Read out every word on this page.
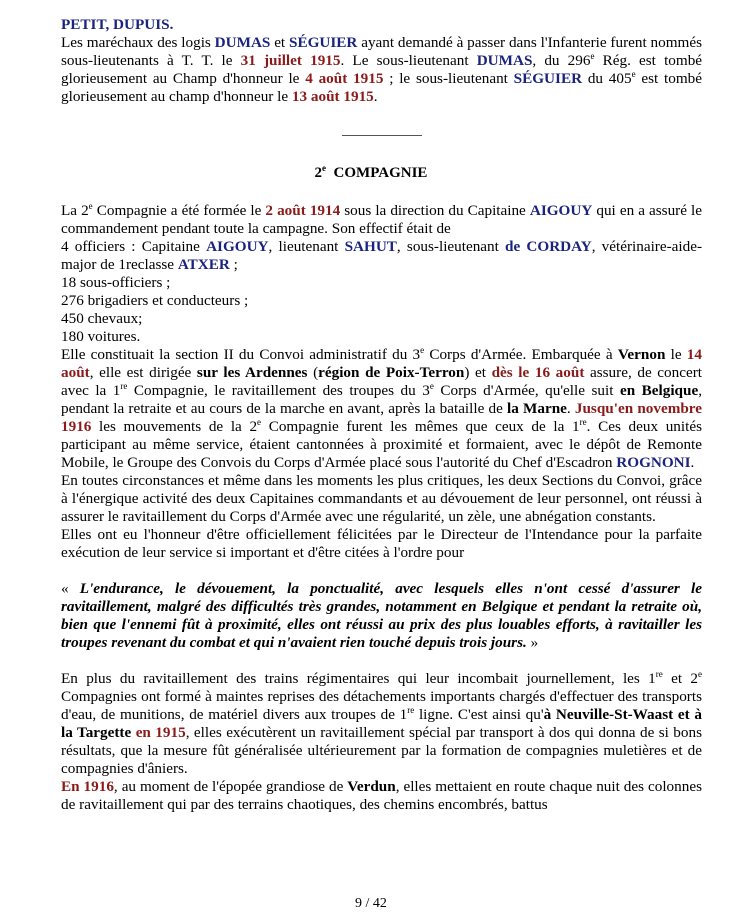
PETIT, DUPUIS.

Les maréchaux des logis DUMAS et SÉGUIER ayant demandé à passer dans l'Infanterie furent nommés sous-lieutenants à T. T. le 31 juillet 1915. Le sous-lieutenant DUMAS, du 296e Rég. est tombé glorieusement au Champ d'honneur le 4 août 1915 ; le sous-lieutenant SÉGUIER du 405e est tombé glorieusement au champ d'honneur le 13 août 1915.

2e  COMPAGNIE

La 2e Compagnie a été formée le 2 août 1914 sous la direction du Capitaine AIGOUY qui en a assuré le commandement pendant toute la campagne. Son effectif était de

4 officiers : Capitaine AIGOUY, lieutenant SAHUT, sous-lieutenant de CORDAY, vétérinaire-aide-major de 1reclasse ATXER ;

18 sous-officiers ;

276 brigadiers et conducteurs ;

450 chevaux;

180 voitures.

Elle constituait la section II du Convoi administratif du 3e Corps d'Armée. Embarquée à Vernon le 14 août, elle est dirigée sur les Ardennes (région de Poix-Terron) et dès le 16 août assure, de concert avec la 1re Compagnie, le ravitaillement des troupes du 3e Corps d'Armée, qu'elle suit en Belgique, pendant la retraite et au cours de la marche en avant, après la bataille de la Marne. Jusqu'en novembre 1916 les mouvements de la 2e Compagnie furent les mêmes que ceux de la 1re. Ces deux unités participant au même service, étaient cantonnées à proximité et formaient, avec le dépôt de Remonte Mobile, le Groupe des Convois du Corps d'Armée placé sous l'autorité du Chef d'Escadron ROGNONI.

En toutes circonstances et même dans les moments les plus critiques, les deux Sections du Convoi, grâce à l'énergique activité des deux Capitaines commandants et au dévouement de leur personnel, ont réussi à assurer le ravitaillement du Corps d'Armée avec une régularité, un zèle, une abnégation constants.

Elles ont eu l'honneur d'être officiellement félicitées par le Directeur de l'Intendance pour la parfaite exécution de leur service si important et d'être citées à l'ordre pour

« L'endurance, le dévouement, la ponctualité, avec lesquels elles n'ont cessé d'assurer le ravitaillement, malgré des difficultés très grandes, notamment en Belgique et pendant la retraite où, bien que l'ennemi fût à proximité, elles ont réussi au prix des plus louables efforts, à ravitailler les troupes revenant du combat et qui n'avaient rien touché depuis trois jours. »

En plus du ravitaillement des trains régimentaires qui leur incombait journellement, les 1re et 2e Compagnies ont formé à maintes reprises des détachements importants chargés d'effectuer des transports d'eau, de munitions, de matériel divers aux troupes de 1re ligne. C'est ainsi qu'à Neuville-St-Waast et à la Targette en 1915, elles exécutèrent un ravitaillement spécial par transport à dos qui donna de si bons résultats, que la mesure fût généralisée ultérieurement par la formation de compagnies muletières et de compagnies d'âniers.

En 1916, au moment de l'épopée grandiose de Verdun, elles mettaient en route chaque nuit des colonnes de ravitaillement qui par des terrains chaotiques, des chemins encombrés, battus

9 / 42
